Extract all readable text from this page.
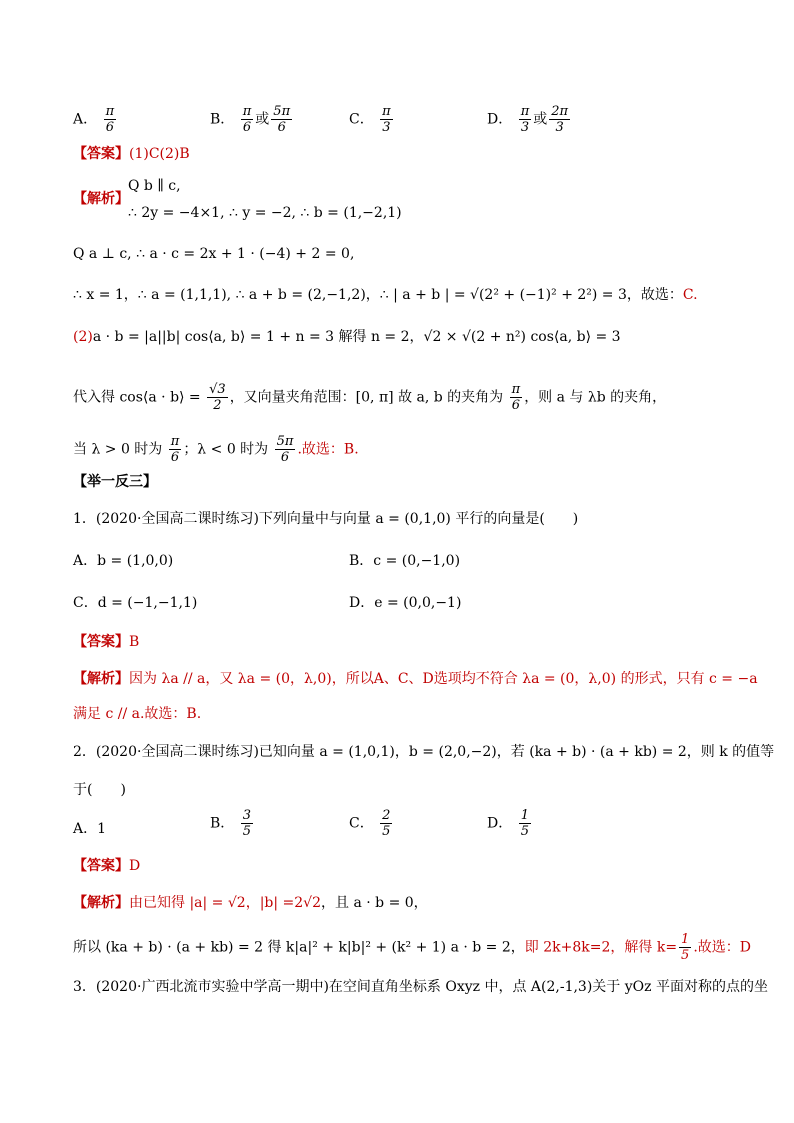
A． $\frac{\pi}{6}$	B． $\frac{\pi}{6}$ 或 $\frac{5\pi}{6}$	C． $\frac{\pi}{3}$	D． $\frac{\pi}{3}$ 或 $\frac{2\pi}{3}$
【答案】(1)C(2)B
Q b ∥ c,
【解析】
∴ 2y = −4×1, ∴ y = −2, ∴ b = (1,−2,1)
Q a ⊥ c, ∴ a · c = 2x + 1 · (−4) + 2 = 0,
∴ x = 1，∴ a = (1,1,1), ∴ a + b = (2,−1,2)，∴ | a + b | = √(2² + (−1)² + 2²) = 3，故选：C.
(2)a · b = |a||b| cos⟨a, b⟩ = 1 + n = 3 解得 n = 2，√2 × √(2 + n²) cos⟨a, b⟩ = 3
代入得 cos⟨a · b⟩ = $\frac{√3}{2}$ ，又向量夹角范围：[0, π] 故 a, b 的夹角为 $\frac{\pi}{6}$ ，则 a 与 λb 的夹角，
当 λ > 0 时为 $\frac{\pi}{6}$ ；λ < 0 时为 $\frac{5\pi}{6}$ .故选：B.
【举一反三】
1．(2020·全国高二课时练习)下列向量中与向量 a = (0,1,0) 平行的向量是(　　)
A．b = (1,0,0)	B．c = (0,−1,0)
C．d = (−1,−1,1)	D．e = (0,0,−1)
【答案】B
【解析】因为 λa // a，又 λa = (0，λ,0)，所以A、C、D选项均不符合 λa = (0，λ,0) 的形式，只有 c = −a
满足 c // a.故选：B.
2．(2020·全国高二课时练习)已知向量 a = (1,0,1)，b = (2,0,−2)，若 (ka + b) · (a + kb) = 2，则 k 的值等
于(　　)
A．1	B． $\frac{3}{5}$	C． $\frac{2}{5}$	D． $\frac{1}{5}$
【答案】D
【解析】由已知得 |a| = √2，|b| =2√2，且 a · b = 0，
所以 (ka + b) · (a + kb) = 2 得 k|a|² + k|b|² + (k² + 1) a · b = 2，即 2k+8k=2，解得 $k= \frac{1}{5}$ .故选：D
3．(2020·广西北流市实验中学高一期中)在空间直角坐标系 Oxyz 中，点 A(2,-1,3)关于 yOz 平面对称的点的坐
